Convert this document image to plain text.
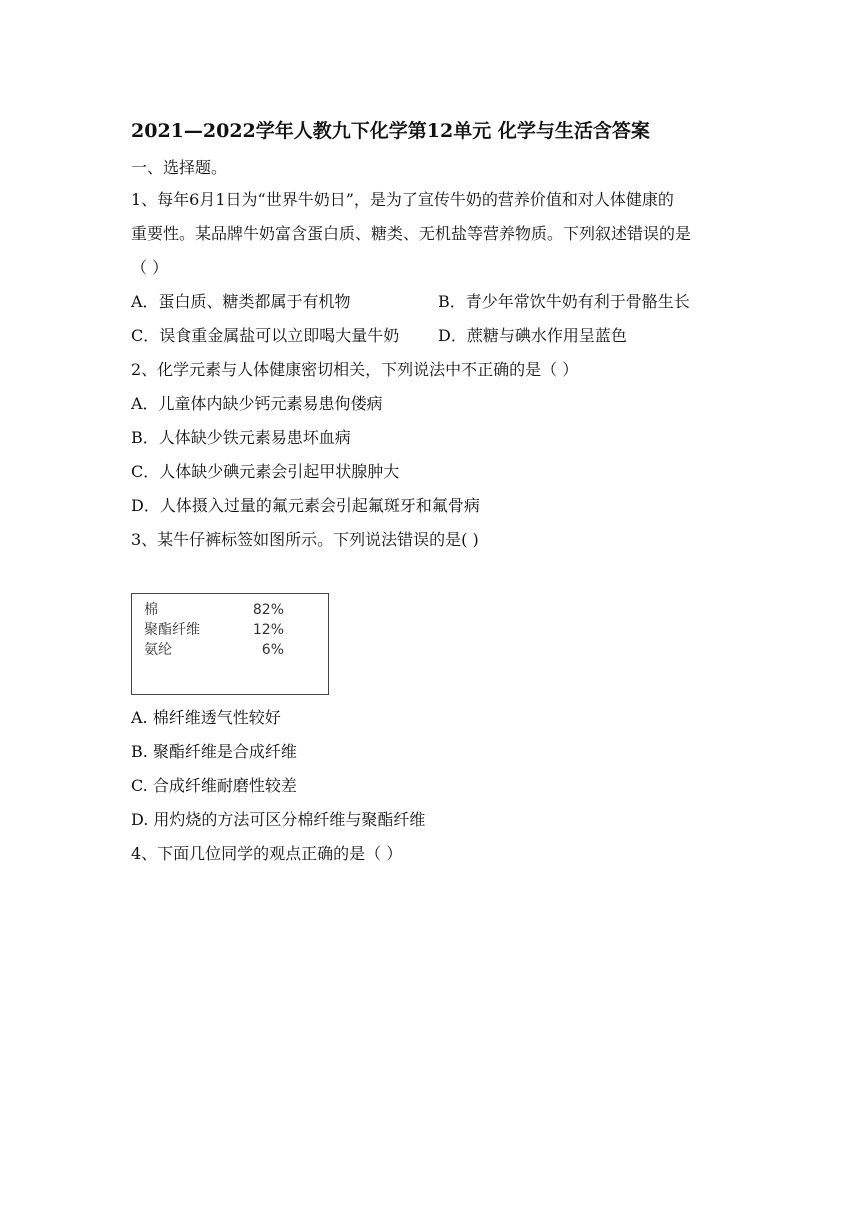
2021—2022学年人教九下化学第12单元 化学与生活含答案
一、选择题。
1、每年6月1日为“世界牛奶日”，是为了宣传牛奶的营养价值和对人体健康的
重要性。某品牌牛奶富含蛋白质、糖类、无机盐等营养物质。下列叙述错误的是
（ ）
A．蛋白质、糖类都属于有机物	B．青少年常饮牛奶有利于骨骼生长
C．误食重金属盐可以立即喝大量牛奶 D．蔗糖与碘水作用呈蓝色
2、化学元素与人体健康密切相关，下列说法中不正确的是（ ）
A．儿童体内缺少钙元素易患佝偻病
B．人体缺少铁元素易患坏血病
C．人体缺少碘元素会引起甲状腺肿大
D．人体摄入过量的氟元素会引起氟斑牙和氟骨病
3、某牛仔裤标签如图所示。下列说法错误的是( )
棉	82%
聚酯纤维	12%
氨纶	6%
A. 棉纤维透气性较好
B. 聚酯纤维是合成纤维
C. 合成纤维耐磨性较差
D. 用灼烧的方法可区分棉纤维与聚酯纤维
4、下面几位同学的观点正确的是（ ）
